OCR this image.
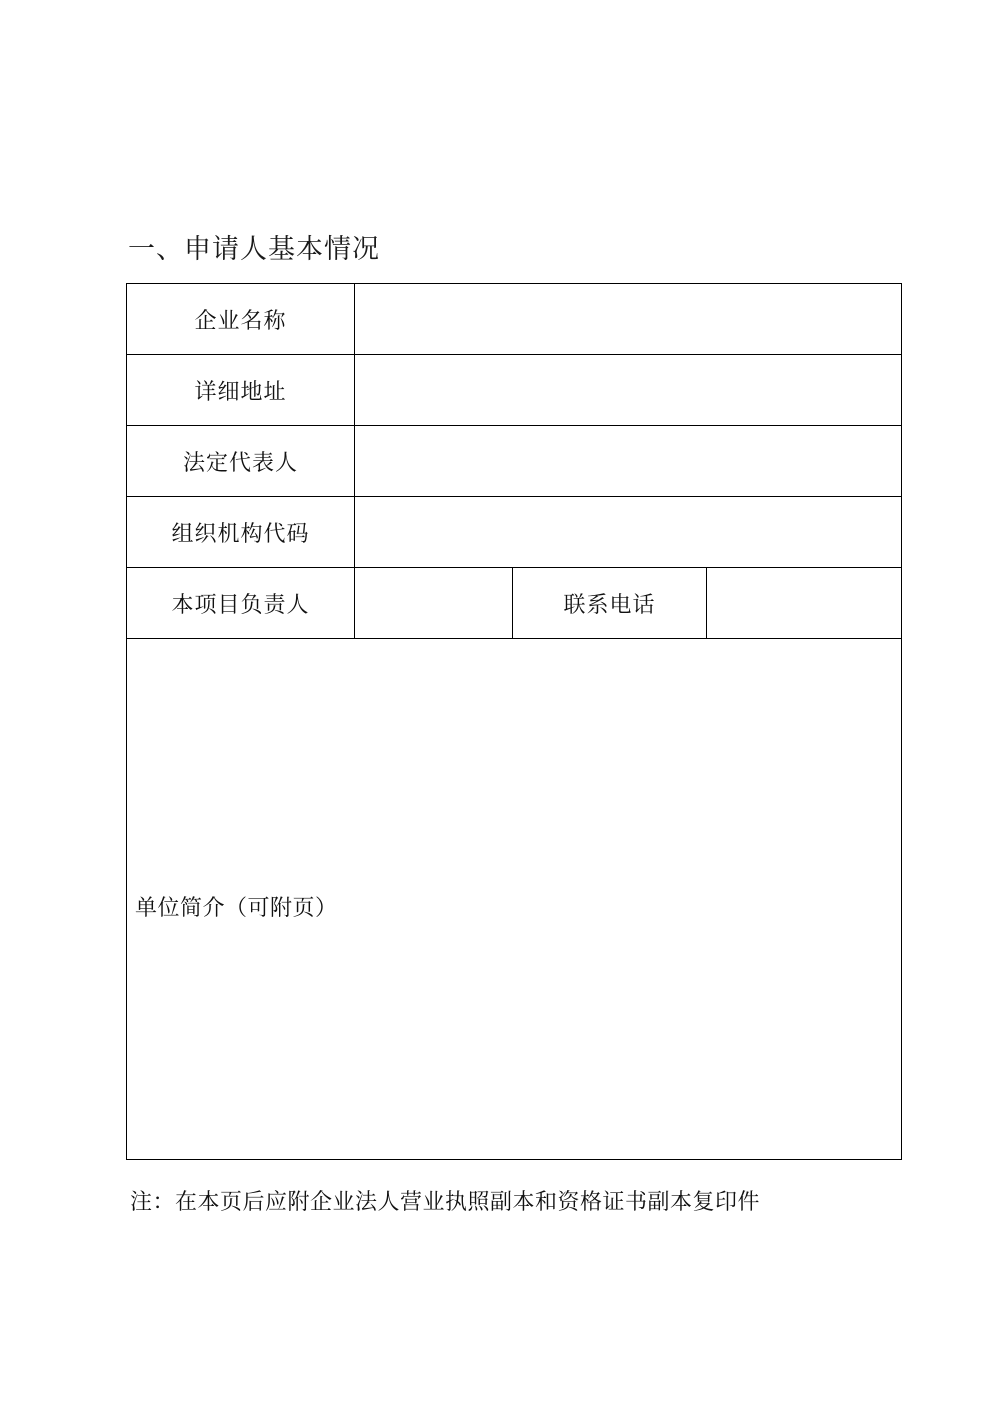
一、申请人基本情况
企业名称			
详细地址			
法定代表人			
组织机构代码			
本项目负责人		联系电话	

单位简介（可附页）			
注：在本页后应附企业法人营业执照副本和资格证书副本复印件
